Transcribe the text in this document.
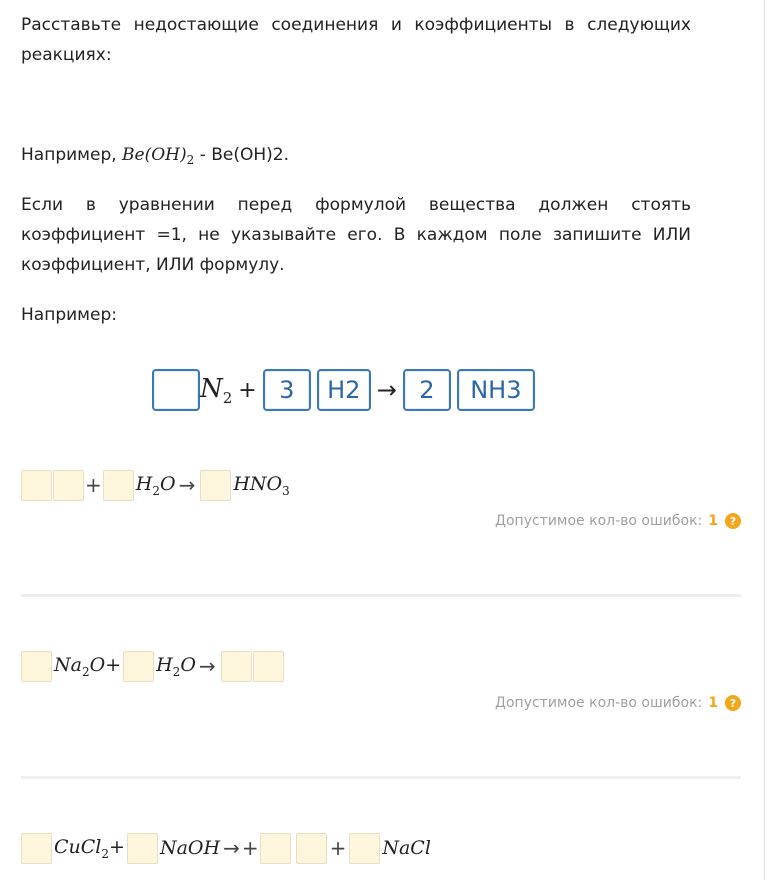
Расставьте недостающие соединения и коэффициенты в следующих реакциях:
Например, $Be(OH)_2 - Be(OH)2$.
Если в уравнении перед формулой вещества должен стоять коэффициент =1, не указывайте его. В каждом поле запишите ИЛИ коэффициент, ИЛИ формулу.
Например:
$N_2 + 3$	H2 → 2	NH3
+ $H_2O \to HNO_3$
Допустимое кол-во ошибок: 1	?
$Na_2O+ H_2O$ →
Допустимое кол-во ошибок: 1	?
CuCl$_2$+ NaOH → +	+ NaCl
